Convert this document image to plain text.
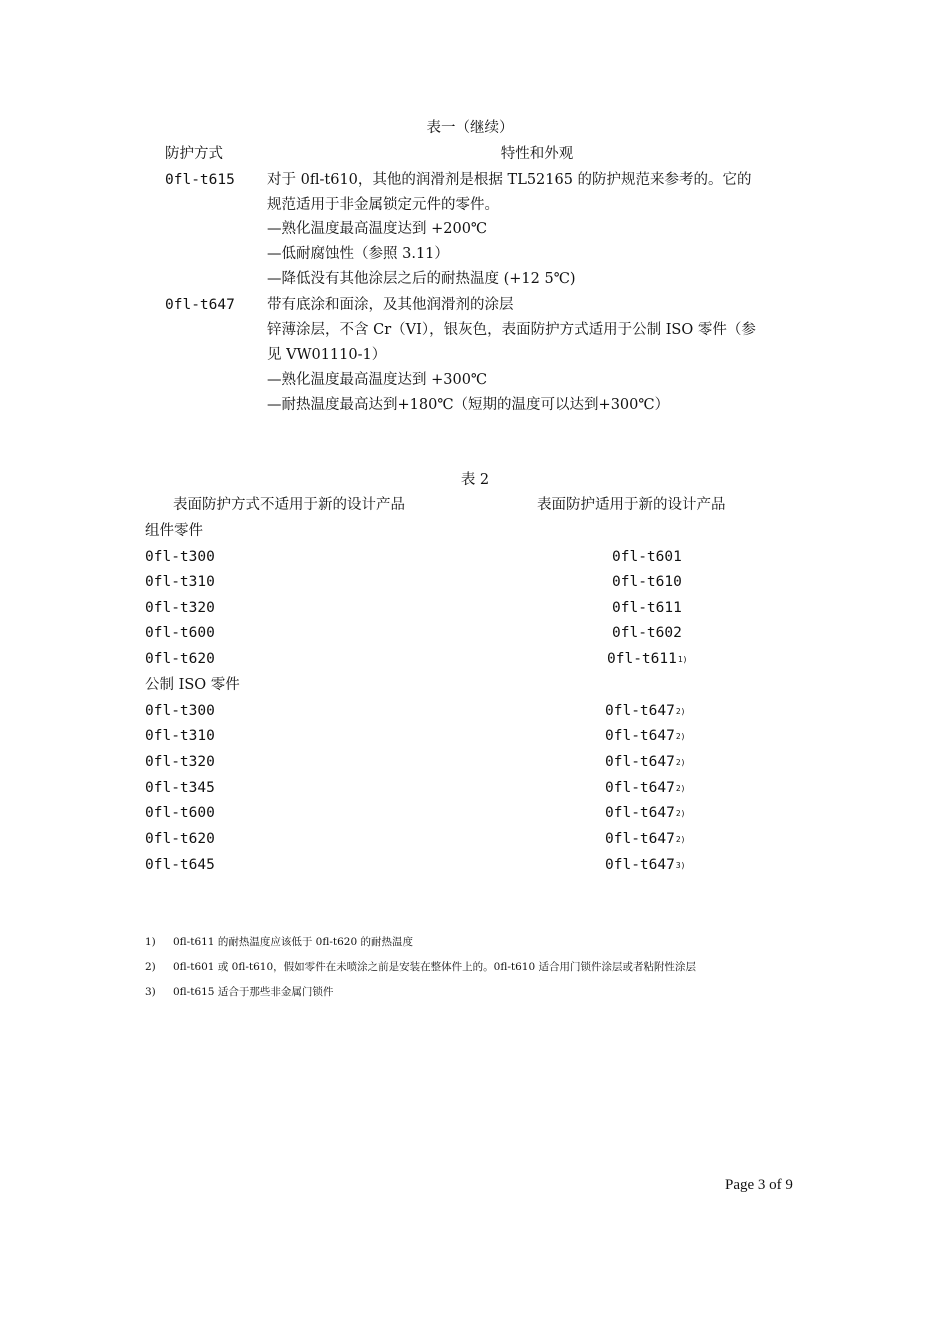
表一（继续）
防护方式	特性和外观
0fl-t615 对于 0fl-t610，其他的润滑剂是根据 TL52165 的防护规范来参考的。它的
规范适用于非金属锁定元件的零件。
—熟化温度最高温度达到 +200℃
—低耐腐蚀性（参照 3.11）
—降低没有其他涂层之后的耐热温度 (+12 5℃)
0fl-t647 带有底涂和面涂，及其他润滑剂的涂层
锌薄涂层，不含 Cr（VI），银灰色，表面防护方式适用于公制 ISO 零件（参
见 VW01110-1）
—熟化温度最高温度达到 +300℃
—耐热温度最高达到+180℃（短期的温度可以达到+300℃）
表 2
表面防护方式不适用于新的设计产品	表面防护适用于新的设计产品
组件零件
0fl-t300	0fl-t601
0fl-t310	0fl-t610
0fl-t320	0fl-t611
0fl-t600	0fl-t602
0fl-t620	0fl-t6111)
公制 ISO 零件
0fl-t300	0fl-t6472)
0fl-t310	0fl-t6472)
0fl-t320	0fl-t6472)
0fl-t345	0fl-t6472)
0fl-t600	0fl-t6472)
0fl-t620	0fl-t6472)
0fl-t645	0fl-t6473)
1) 0fl-t611 的耐热温度应该低于 0fl-t620 的耐热温度
2) 0fl-t601 或 0fl-t610，假如零件在未喷涂之前是安装在整体件上的。0fl-t610 适合用门锁件涂层或者粘附性涂层
3) 0fl-t615 适合于那些非金属门锁件
Page 3 of 9
